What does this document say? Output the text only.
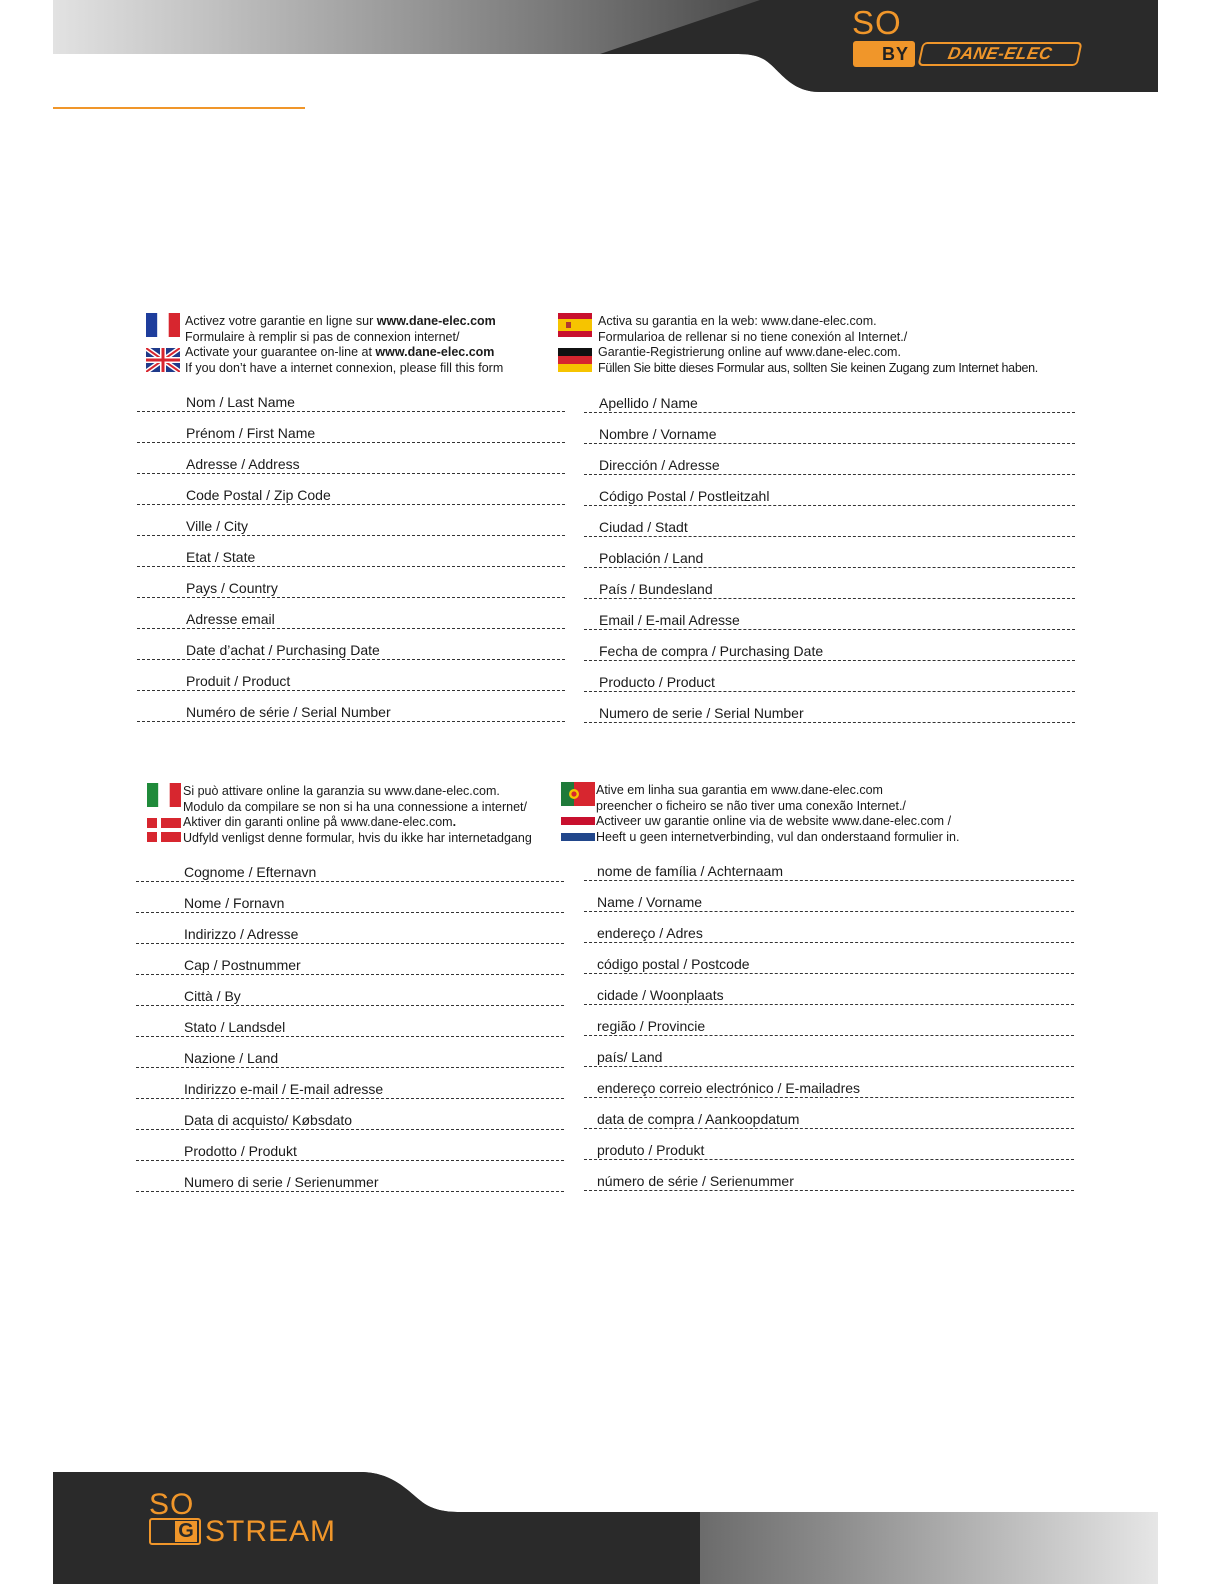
SO
BY	DANE-ELEC

Activez votre garantie en ligne sur www.dane-elec.com
Formulaire à remplir si pas de connexion internet/
Activate your guarantee on-line at www.dane-elec.com
If you don’t have a internet connexion, please fill this form
Nom / Last Name
Prénom / First Name
Adresse / Address
Code Postal / Zip Code
Ville / City
Etat / State
Pays / Country
Adresse email
Date d’achat / Purchasing Date
Produit / Product
Numéro de série / Serial Number

Activa su garantia en la web: www.dane-elec.com.
Formularioa de rellenar si no tiene conexión al Internet./
Garantie-Registrierung online auf www.dane-elec.com.
Füllen Sie bitte dieses Formular aus, sollten Sie keinen Zugang zum Internet haben.
Apellido / Name
Nombre / Vorname
Dirección / Adresse
Código Postal / Postleitzahl
Ciudad / Stadt
Población / Land
País / Bundesland
Email / E-mail Adresse
Fecha de compra / Purchasing Date
Producto / Product
Numero de serie / Serial Number

Si può attivare online la garanzia su www.dane-elec.com.
Modulo da compilare se non si ha una connessione a internet/
Aktiver din garanti online på www.dane-elec.com.
Udfyld venligst denne formular, hvis du ikke har internetadgang
Cognome / Efternavn
Nome / Fornavn
Indirizzo / Adresse
Cap / Postnummer
Città / By
Stato / Landsdel
Nazione / Land
Indirizzo e-mail / E-mail adresse
Data di acquisto/ Købsdato
Prodotto / Produkt
Numero di serie / Serienummer

Ative em linha sua garantia em www.dane-elec.com
preencher o ficheiro se não tiver uma conexão Internet./
Activeer uw garantie online via de website www.dane-elec.com /
Heeft u geen internetverbinding, vul dan onderstaand formulier in.
nome de família / Achternaam
Name / Vorname
endereço / Adres
código postal / Postcode
cidade / Woonplaats
região / Provincie
país/ Land
endereço correio electrónico / E-mailadres
data de compra / Aankoopdatum
produto / Produkt
número de série / Serienummer
SO
G STREAM
